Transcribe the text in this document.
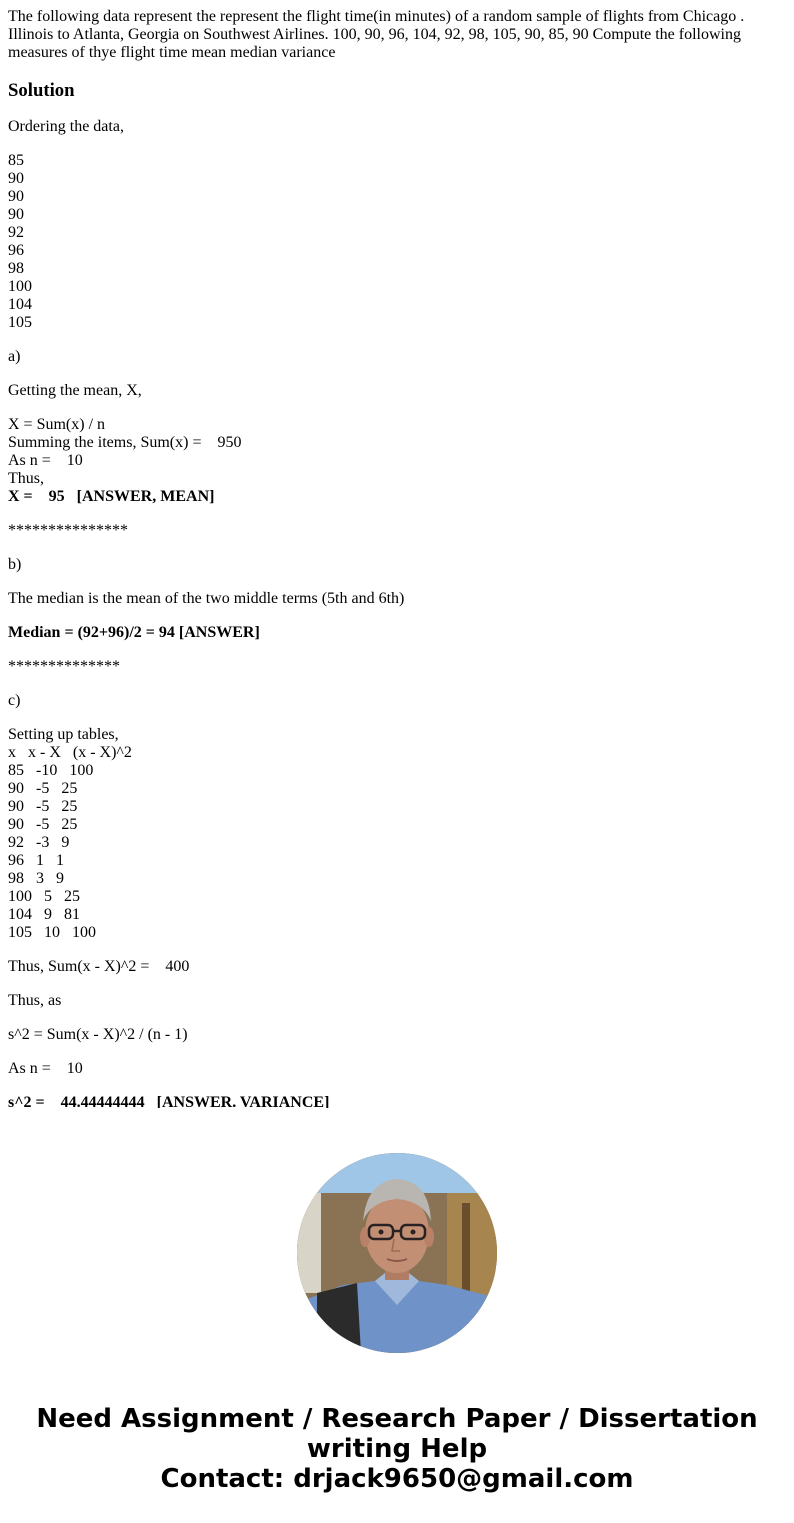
The following data represent the represent the flight time(in minutes) of a random sample of flights from Chicago . Illinois to Atlanta, Georgia on Southwest Airlines. 100, 90, 96, 104, 92, 98, 105, 90, 85, 90 Compute the following measures of thye flight time mean median variance
Solution

Ordering the data,

85
90
90
90
92
96
98
100
104
105

a)

Getting the mean, X,

X = Sum(x) / n
Summing the items, Sum(x) =    950
As n =    10
Thus,
X =    95   [ANSWER, MEAN]

***************

b)

The median is the mean of the two middle terms (5th and 6th)

Median = (92+96)/2 = 94 [ANSWER]

**************

c)

Setting up tables,
x   x - X   (x - X)^2
85   -10   100
90   -5   25
90   -5   25
90   -5   25
92   -3   9
96   1   1
98   3   9
100   5   25
104   9   81
105   10   100

Thus, Sum(x - X)^2 =    400

Thus, as

s^2 = Sum(x - X)^2 / (n - 1)

As n =    10

s^2 =    44.44444444   [ANSWER. VARIANCE]
Need Assignment / Research Paper / Dissertation
writing Help
Contact: drjack9650@gmail.com
